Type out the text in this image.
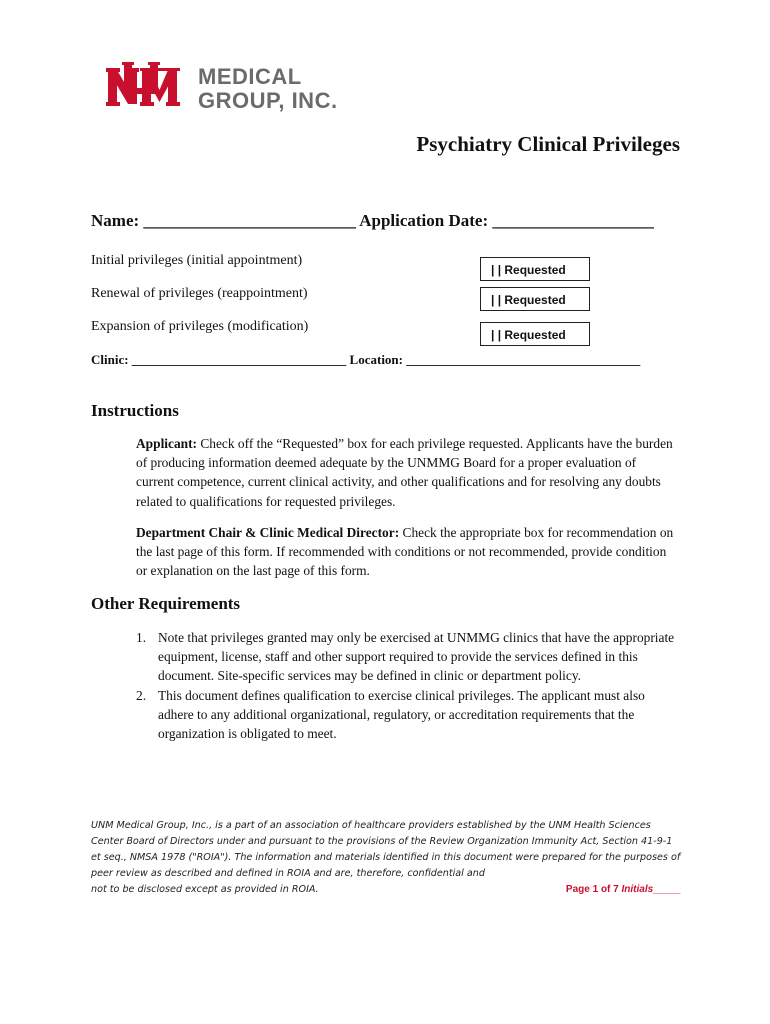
MEDICAL
GROUP, INC.
Psychiatry Clinical Privileges
Name: _________________________ Application Date: ___________________
Initial privileges (initial appointment)
| | Requested
Renewal of privileges (reappointment)	| | Requested
Expansion of privileges (modification)
| | Requested
Clinic: _________________________________ Location: ____________________________________
Instructions
Applicant: Check off the “Requested” box for each privilege requested. Applicants have the burden of producing information deemed adequate by the UNMMG Board for a proper evaluation of current competence, current clinical activity, and other qualifications and for resolving any doubts related to qualifications for requested privileges.
Department Chair & Clinic Medical Director: Check the appropriate box for recommendation on the last page of this form. If recommended with conditions or not recommended, provide condition or explanation on the last page of this form.
Other Requirements
1. Note that privileges granted may only be exercised at UNMMG clinics that have the appropriate equipment, license, staff and other support required to provide the services defined in this document. Site-specific services may be defined in clinic or department policy.
2. This document defines qualification to exercise clinical privileges. The applicant must also adhere to any additional organizational, regulatory, or accreditation requirements that the organization is obligated to meet.
UNM Medical Group, Inc., is a part of an association of healthcare providers established by the UNM Health Sciences Center Board of Directors under and pursuant to the provisions of the Review Organization Immunity Act, Section 41-9-1 et seq., NMSA 1978 ("ROIA"). The information and materials identified in this document were prepared for the purposes of peer review as described and defined in ROIA and are, therefore, confidential and
not to be disclosed except as provided in ROIA.	Page 1 of 7 Initials_____
